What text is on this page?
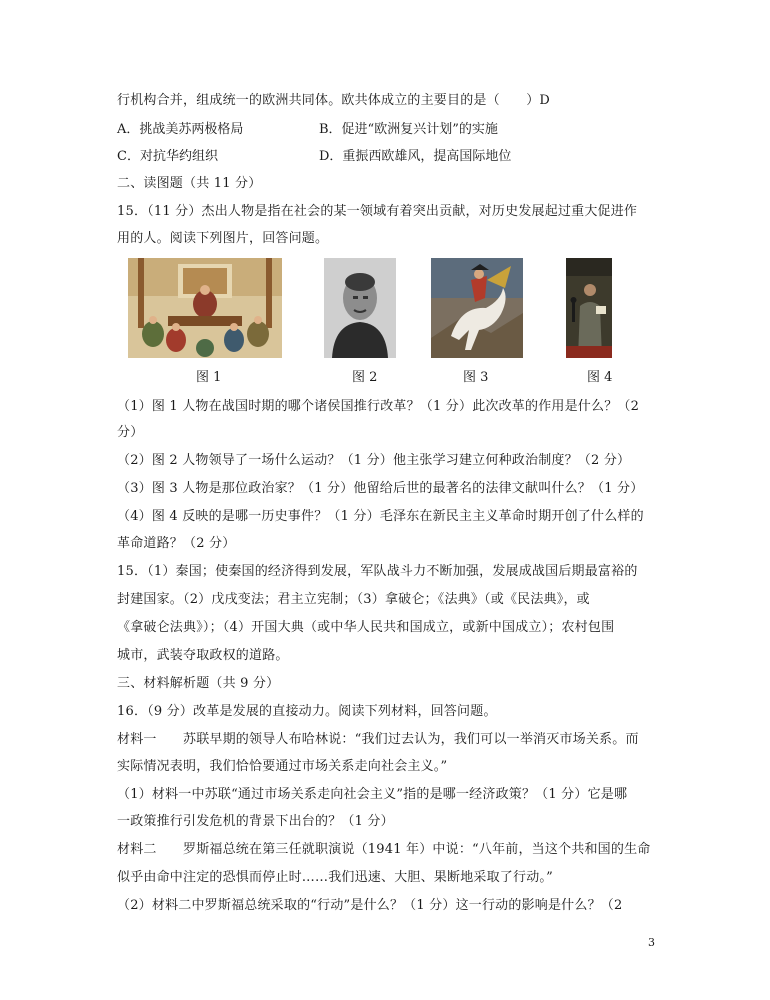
行机构合并，组成统一的欧洲共同体。欧共体成立的主要目的是（　　）D
A．挑战美苏两极格局	B．促进“欧洲复兴计划”的实施
C．对抗华约组织	D．重振西欧雄风，提高国际地位
二、读图题（共 11 分）
15．（11 分）杰出人物是指在社会的某一领域有着突出贡献，对历史发展起过重大促进作
用的人。阅读下列图片，回答问题。
图 1	图 2	图 3	图 4
（1）图 1 人物在战国时期的哪个诸侯国推行改革？（1 分）此次改革的作用是什么？（2
分）
（2）图 2 人物领导了一场什么运动？（1 分）他主张学习建立何种政治制度？（2 分）
（3）图 3 人物是那位政治家？（1 分）他留给后世的最著名的法律文献叫什么？（1 分）
（4）图 4 反映的是哪一历史事件？（1 分）毛泽东在新民主主义革命时期开创了什么样的
革命道路？（2 分）
15．（1）秦国；使秦国的经济得到发展，军队战斗力不断加强，发展成战国后期最富裕的
封建国家。（2）戊戌变法；君主立宪制；（3）拿破仑；《法典》（或《民法典》，或
《拿破仑法典》）；（4）开国大典（或中华人民共和国成立，或新中国成立）；农村包围
城市，武装夺取政权的道路。
三、材料解析题（共 9 分）
16．（9 分）改革是发展的直接动力。阅读下列材料，回答问题。
材料一　　苏联早期的领导人布哈林说：“我们过去认为，我们可以一举消灭市场关系。而
实际情况表明，我们恰恰要通过市场关系走向社会主义。”
（1）材料一中苏联“通过市场关系走向社会主义”指的是哪一经济政策？（1 分）它是哪
一政策推行引发危机的背景下出台的？（1 分）
材料二　　罗斯福总统在第三任就职演说（1941 年）中说：“八年前，当这个共和国的生命
似乎由命中注定的恐惧而停止时……我们迅速、大胆、果断地采取了行动。”
（2）材料二中罗斯福总统采取的“行动”是什么？（1 分）这一行动的影响是什么？（2
3
